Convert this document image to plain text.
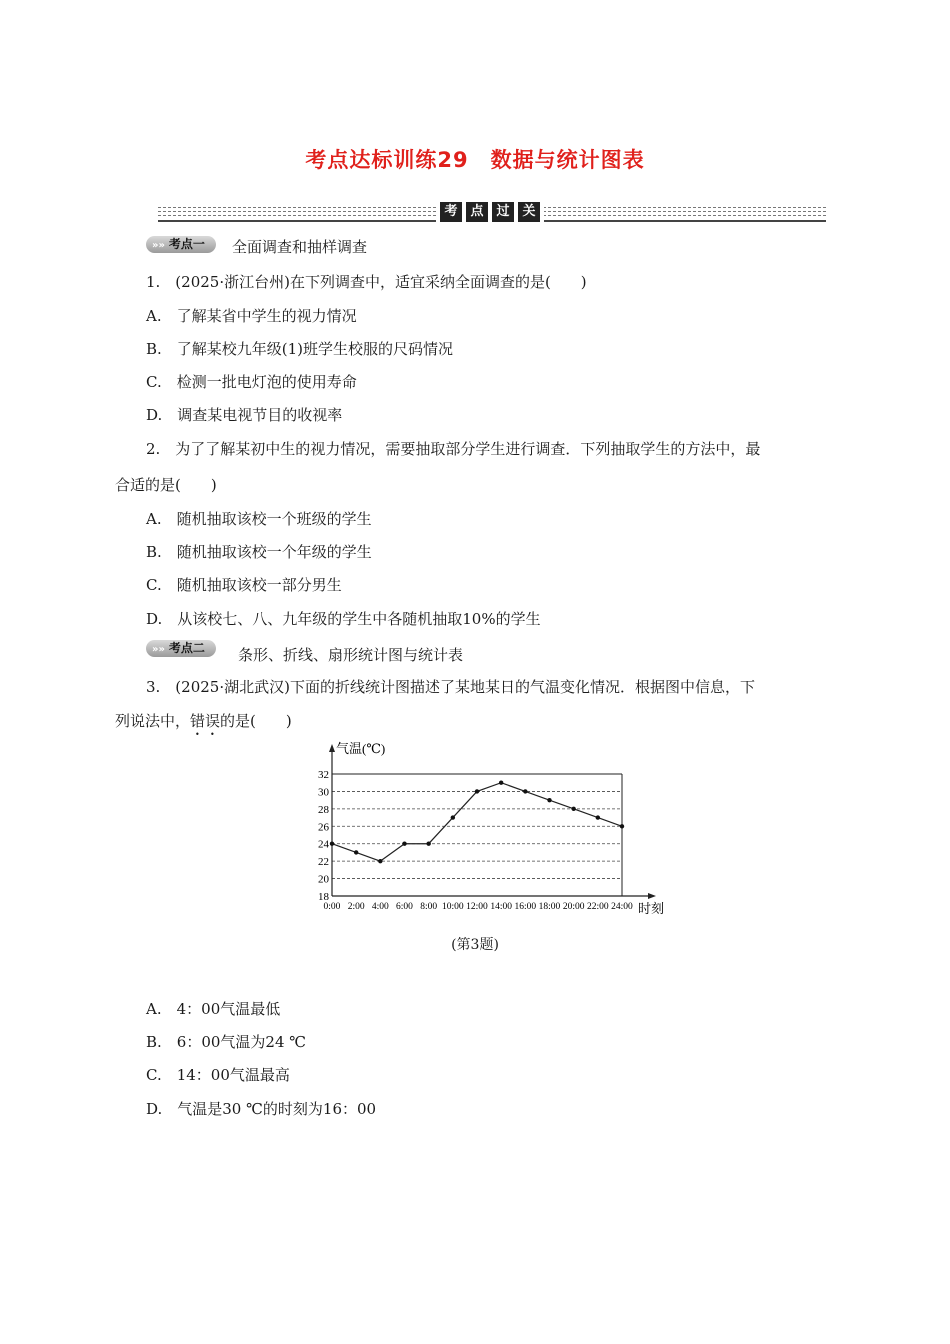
考点达标训练29　数据与统计图表
考 点 过 关
»» 考点一	全面调查和抽样调查
1.　(2025·浙江台州)在下列调查中，适宜采纳全面调查的是(　　)
A.　了解某省中学生的视力情况
B.　了解某校九年级(1)班学生校服的尺码情况
C.　检测一批电灯泡的使用寿命
D.　调查某电视节目的收视率
2.　为了了解某初中生的视力情况，需要抽取部分学生进行调查．下列抽取学生的方法中，最
合适的是(　　)
A.　随机抽取该校一个班级的学生
B.　随机抽取该校一个年级的学生
C.　随机抽取该校一部分男生
D.　从该校七、八、九年级的学生中各随机抽取10%的学生
»» 考点二	条形、折线、扇形统计图与统计表
3.　(2025·湖北武汉)下面的折线统计图描述了某地某日的气温变化情况．根据图中信息，下
列说法中，错误的是(　　)
18
20
22
24
26
28
30
32
0:00 2:00 4:00 6:00 8:00 10:00 12:00 14:00 16:00 18:00 20:00 22:00 24:00
气温(℃)
时刻
(第3题)
A.　4：00气温最低
B.　6：00气温为24 ℃
C.　14：00气温最高
D.　气温是30 ℃的时刻为16：00
